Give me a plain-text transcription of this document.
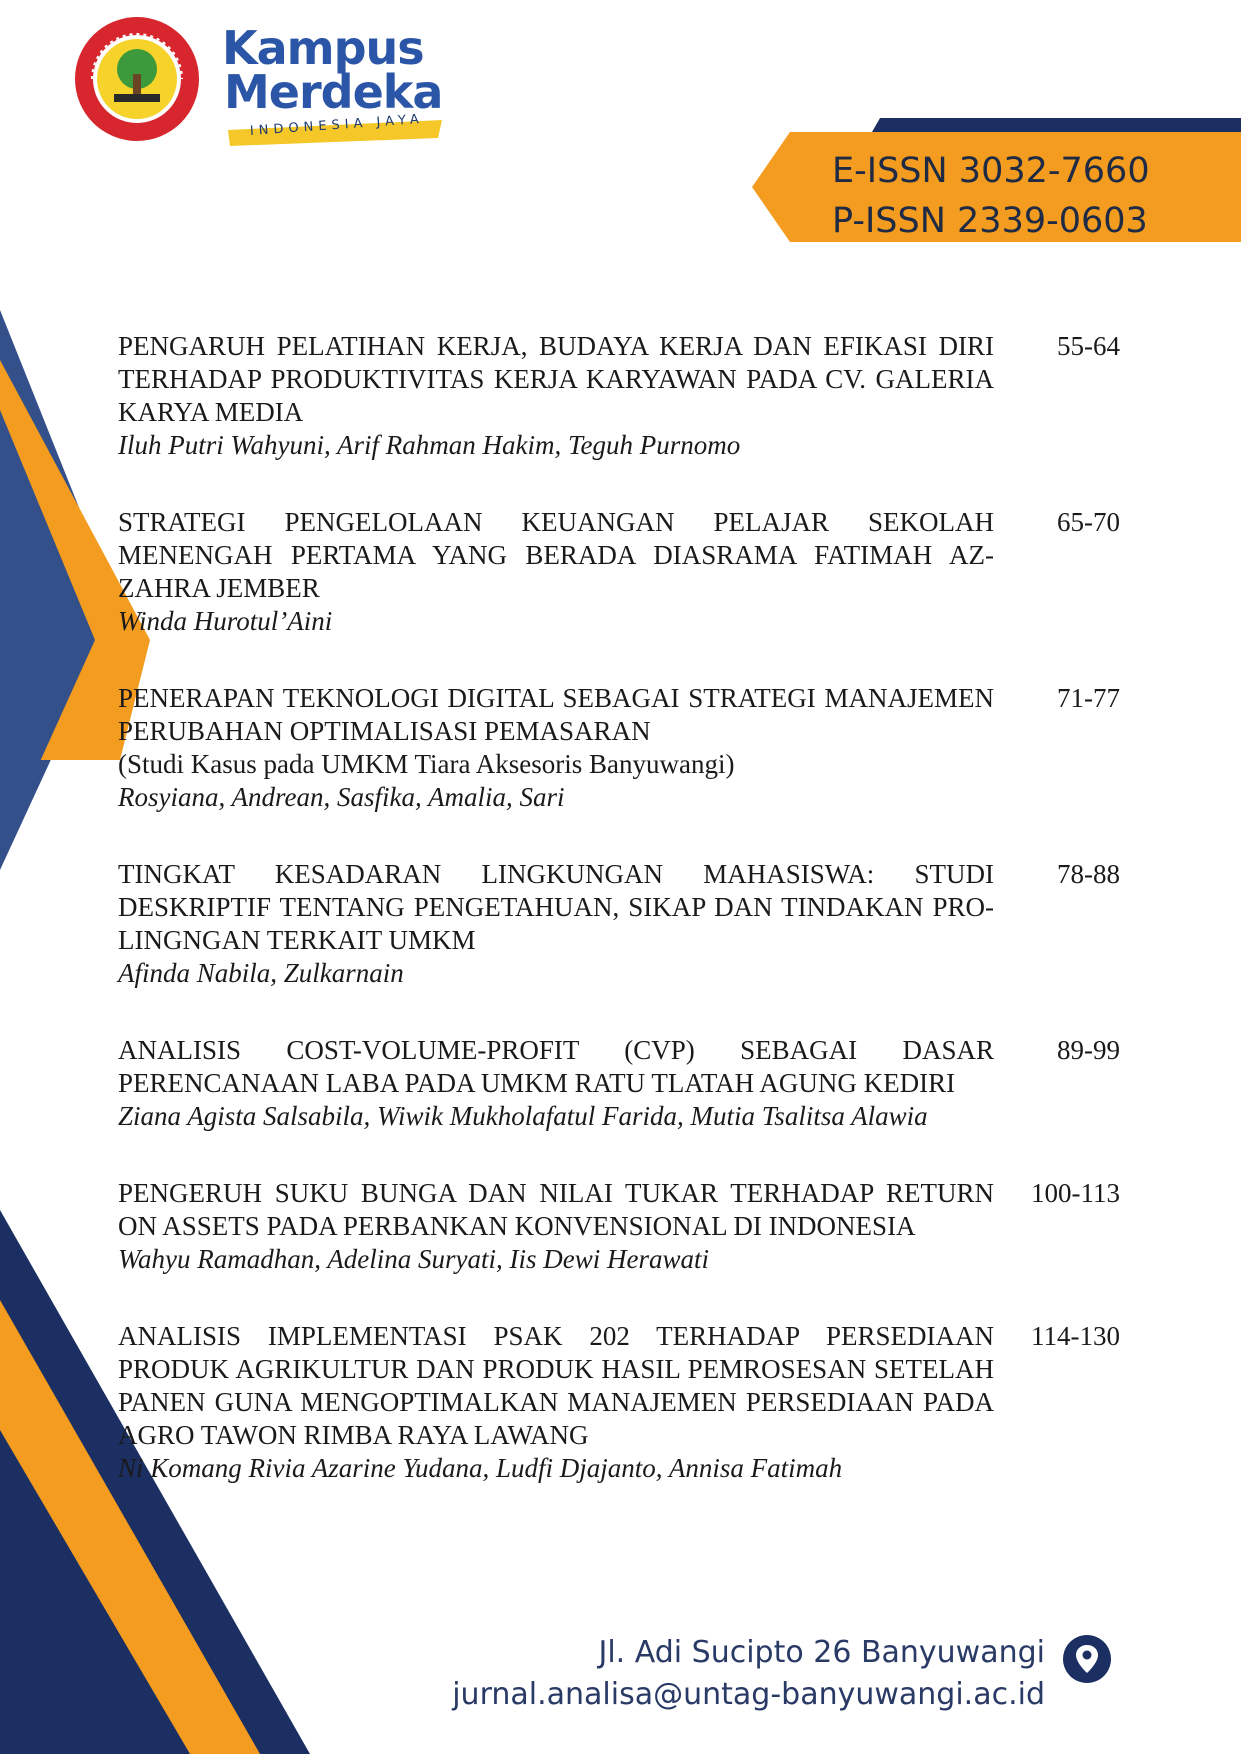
Kampus
Merdeka
INDONESIA JAYA
E-ISSN 3032-7660
P-ISSN 2339-0603
PENGARUH PELATIHAN KERJA, BUDAYA KERJA DAN EFIKASI DIRI TERHADAP PRODUKTIVITAS KERJA KARYAWAN PADA CV. GALERIA KARYA MEDIA
Iluh Putri Wahyuni, Arif Rahman Hakim, Teguh Purnomo
55-64
STRATEGI PENGELOLAAN KEUANGAN PELAJAR SEKOLAH MENENGAH PERTAMA YANG BERADA DIASRAMA FATIMAH AZ-ZAHRA JEMBER
Winda Hurotul’Aini
65-70
PENERAPAN TEKNOLOGI DIGITAL SEBAGAI STRATEGI MANAJEMEN PERUBAHAN OPTIMALISASI PEMASARAN
(Studi Kasus pada UMKM Tiara Aksesoris Banyuwangi)
Rosyiana, Andrean, Sasfika, Amalia, Sari
71-77
TINGKAT KESADARAN LINGKUNGAN MAHASISWA: STUDI DESKRIPTIF TENTANG PENGETAHUAN, SIKAP DAN TINDAKAN PRO-LINGNGAN TERKAIT UMKM
Afinda Nabila, Zulkarnain
78-88
ANALISIS COST-VOLUME-PROFIT (CVP) SEBAGAI DASAR PERENCANAAN LABA PADA UMKM RATU TLATAH AGUNG KEDIRI
Ziana Agista Salsabila, Wiwik Mukholafatul Farida, Mutia Tsalitsa Alawia
89-99
PENGERUH SUKU BUNGA DAN NILAI TUKAR TERHADAP RETURN ON ASSETS PADA PERBANKAN KONVENSIONAL DI INDONESIA
Wahyu Ramadhan, Adelina Suryati, Iis Dewi Herawati
100-113
ANALISIS IMPLEMENTASI PSAK 202 TERHADAP PERSEDIAAN PRODUK AGRIKULTUR DAN PRODUK HASIL PEMROSESAN SETELAH PANEN GUNA MENGOPTIMALKAN MANAJEMEN PERSEDIAAN PADA AGRO TAWON RIMBA RAYA LAWANG
Ni Komang Rivia Azarine Yudana, Ludfi Djajanto, Annisa Fatimah
114-130
Jl. Adi Sucipto 26 Banyuwangi
jurnal.analisa@untag-banyuwangi.ac.id
